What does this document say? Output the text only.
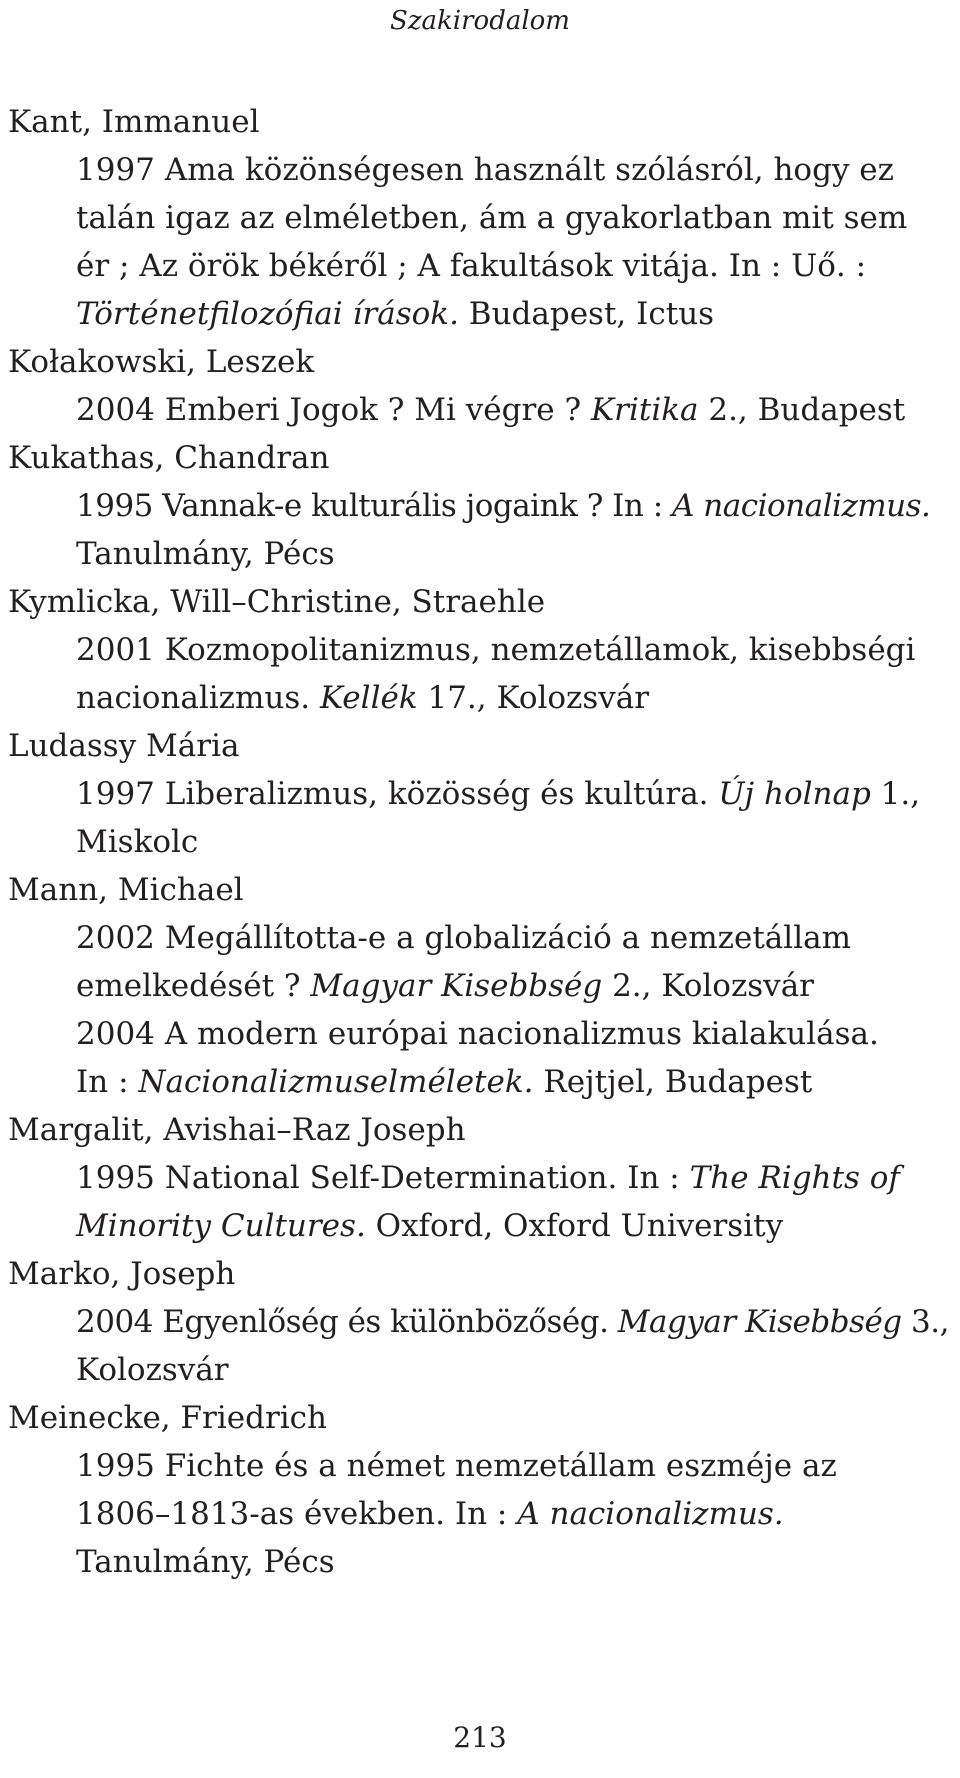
Szakirodalom

Kant, Immanuel

1997 Ama közönségesen használt szólásról, hogy ez
talán igaz az elméletben, ám a gyakorlatban mit sem
ér ; Az örök békéről ; A fakultások vitája. In : Uő. :
Történetfilozófiai írások. Budapest, Ictus

Kołakowski, Leszek

2004 Emberi Jogok ? Mi végre ? Kritika 2., Budapest

Kukathas, Chandran

1995 Vannak-e kulturális jogaink ? In : A nacionalizmus.
Tanulmány, Pécs

Kymlicka, Will–Christine, Straehle

2001 Kozmopolitanizmus, nemzetállamok, kisebbségi
nacionalizmus. Kellék 17., Kolozsvár

Ludassy Mária

1997 Liberalizmus, közösség és kultúra. Új holnap 1.,
Miskolc

Mann, Michael

2002 Megállította-e a globalizáció a nemzetállam
emelkedését ? Magyar Kisebbség 2., Kolozsvár
2004 A modern európai nacionalizmus kialakulása.
In : Nacionalizmuselméletek. Rejtjel, Budapest

Margalit, Avishai–Raz Joseph

1995 National Self-Determination. In : The Rights of
Minority Cultures. Oxford, Oxford University

Marko, Joseph

2004 Egyenlőség és különbözőség. Magyar Kisebbség 3.,
Kolozsvár

Meinecke, Friedrich

1995 Fichte és a német nemzetállam eszméje az
1806–1813-as években. In : A nacionalizmus.
Tanulmány, Pécs
213
